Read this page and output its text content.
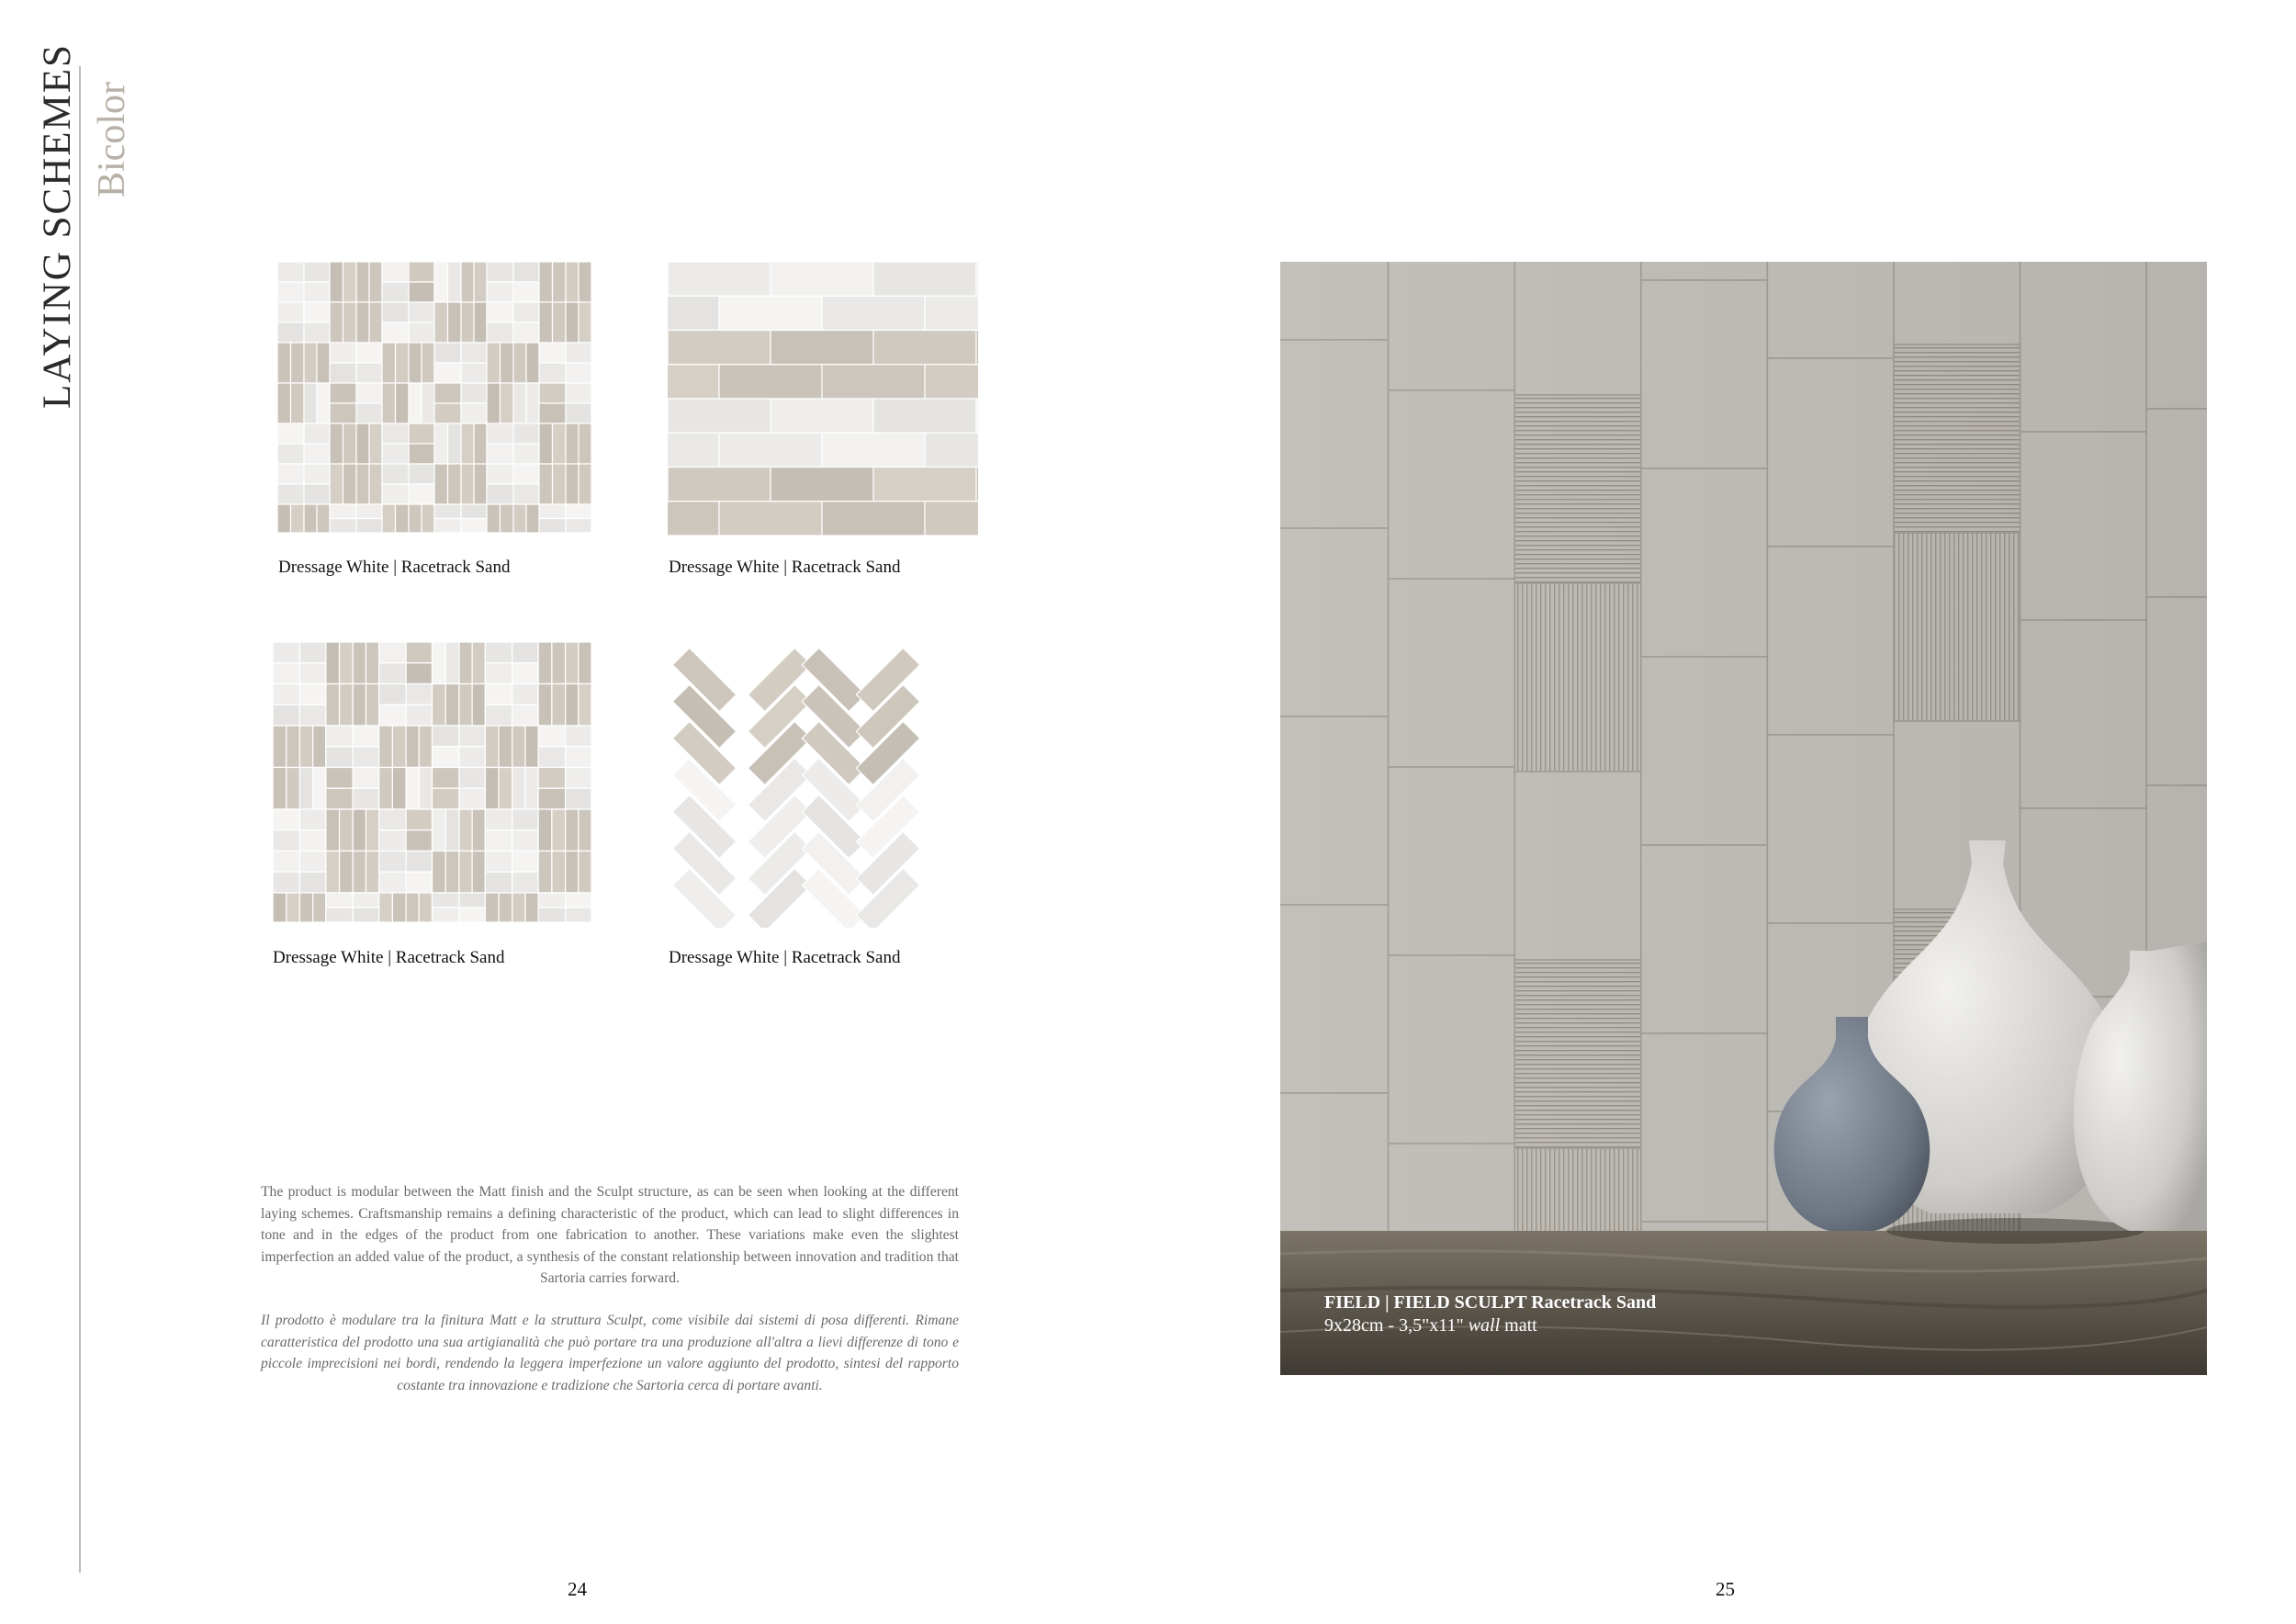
LAYING SCHEMES Bicolor
Dressage White | Racetrack Sand	Dressage White | Racetrack Sand
Dressage White | Racetrack Sand	Dressage White | Racetrack Sand
The product is modular between the Matt finish and the Sculpt structure, as can be seen when looking at the different laying schemes. Craftsmanship remains a defining characteristic of the product, which can lead to slight differences in tone and in the edges of the product from one fabrication to another. These variations make even the slightest imperfection an added value of the product, a synthesis of the constant relationship between innovation and tradition that Sartoria carries forward.
Il prodotto è modulare tra la finitura Matt e la struttura Sculpt, come visibile dai sistemi di posa differenti. Rimane caratteristica del prodotto una sua artigianalità che può portare tra una produzione all'altra a lievi differenze di tono e piccole imprecisioni nei bordi, rendendo la leggera imperfezione un valore aggiunto del prodotto, sintesi del rapporto costante tra innovazione e tradizione che Sartoria cerca di portare avanti.
FIELD | FIELD SCULPT Racetrack Sand
9x28cm - 3,5"x11" wall matt
24	25
